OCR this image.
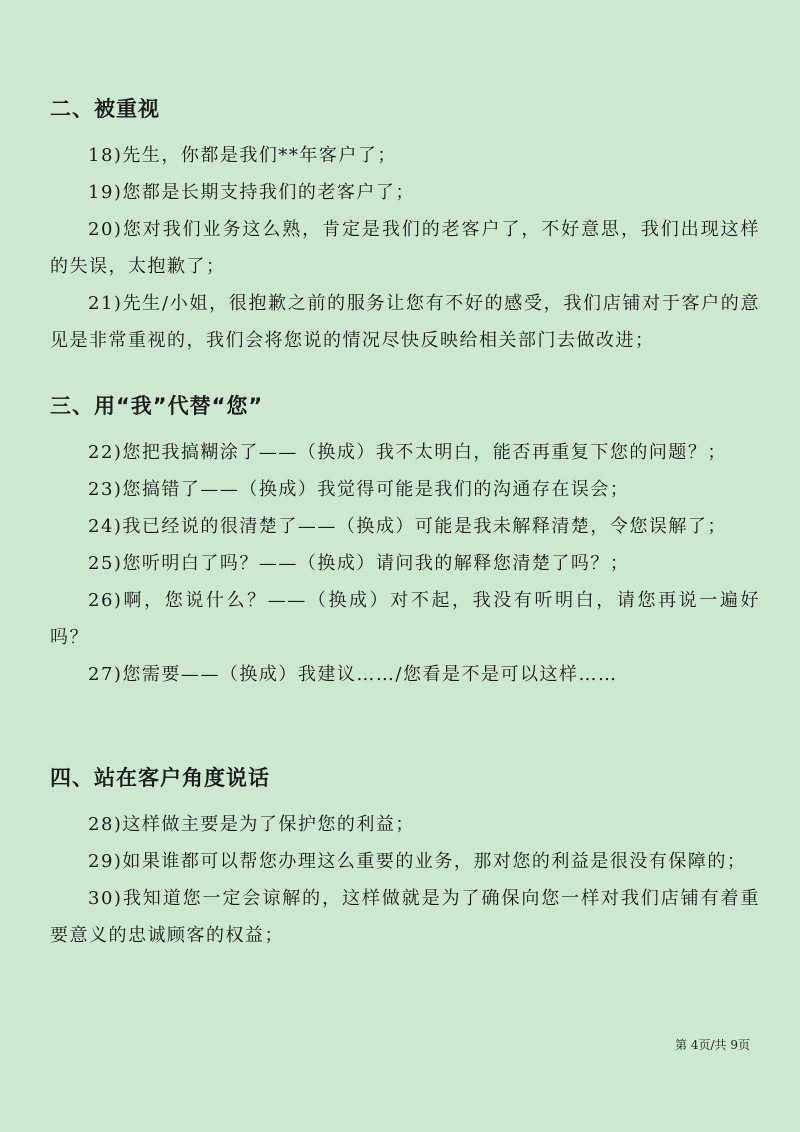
二、被重视

18)先生，你都是我们**年客户了；

19)您都是长期支持我们的老客户了；

20)您对我们业务这么熟，肯定是我们的老客户了，不好意思，我们出现这样的失误，太抱歉了；

21)先生/小姐，很抱歉之前的服务让您有不好的感受，我们店铺对于客户的意见是非常重视的，我们会将您说的情况尽快反映给相关部门去做改进；

三、用“我”代替“您”

22)您把我搞糊涂了——（换成）我不太明白，能否再重复下您的问题？；

23)您搞错了——（换成）我觉得可能是我们的沟通存在误会；

24)我已经说的很清楚了——（换成）可能是我未解释清楚，令您误解了；

25)您听明白了吗？——（换成）请问我的解释您清楚了吗？；

26)啊，您说什么？——（换成）对不起，我没有听明白，请您再说一遍好吗？

27)您需要——（换成）我建议……/您看是不是可以这样……

四、站在客户角度说话

28)这样做主要是为了保护您的利益；

29)如果谁都可以帮您办理这么重要的业务，那对您的利益是很没有保障的；

30)我知道您一定会谅解的，这样做就是为了确保向您一样对我们店铺有着重要意义的忠诚顾客的权益；

第 4页/共 9页
